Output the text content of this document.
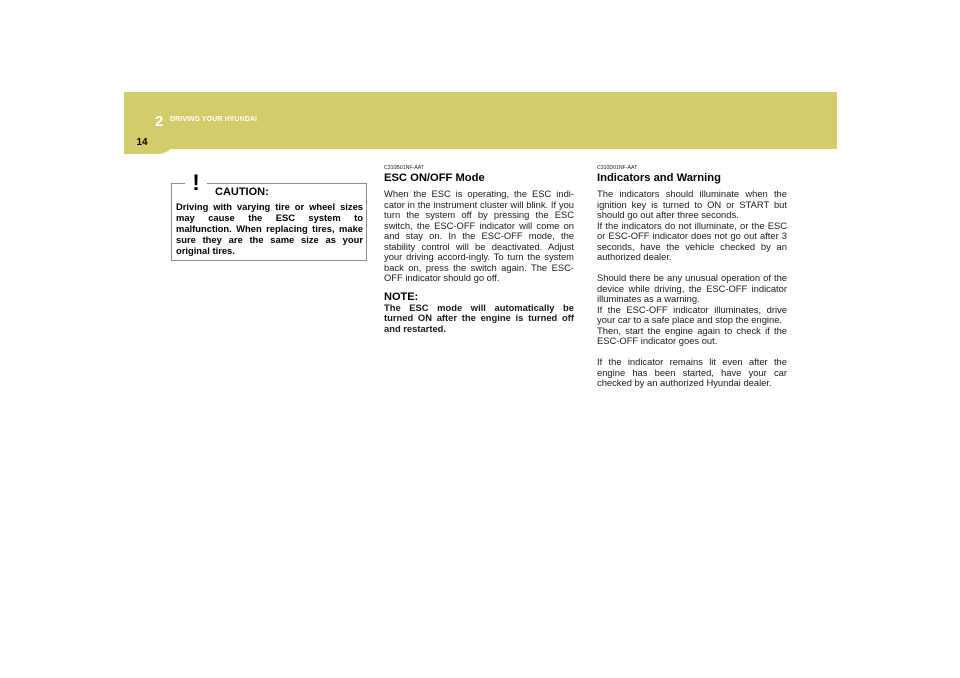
2 DRIVING YOUR HYUNDAI
14
Driving with varying tire or wheel sizes may cause the ESC system to malfunction. When replacing tires, make sure they are the same size as your original tires.
! CAUTION:

C310B01NF-AAT

ESC ON/OFF Mode

When the ESC is operating, the ESC indi-cator in the instrument cluster will blink. If you turn the system off by pressing the ESC switch, the ESC-OFF indicator will come on and stay on. In the ESC-OFF mode, the stability control will be deactivated. Adjust your driving accord-ingly. To turn the system back on, press the switch again. The ESC-OFF indicator should go off.

NOTE:

The ESC mode will automatically be turned ON after the engine is turned off and restarted.

C310D01NF-AAT

Indicators and Warning

The indicators should illuminate when the ignition key is turned to ON or START but should go out after three seconds.

If the indicators do not illuminate, or the ESC or ESC-OFF indicator does not go out after 3 seconds, have the vehicle checked by an authorized dealer.

Should there be any unusual operation of the device while driving, the ESC-OFF indicator illuminates as a warning.

If the ESC-OFF indicator illuminates, drive your car to a safe place and stop the engine.

Then, start the engine again to check if the ESC-OFF indicator goes out.

If the indicator remains lit even after the engine has been started, have your car checked by an authorized Hyundai dealer.
